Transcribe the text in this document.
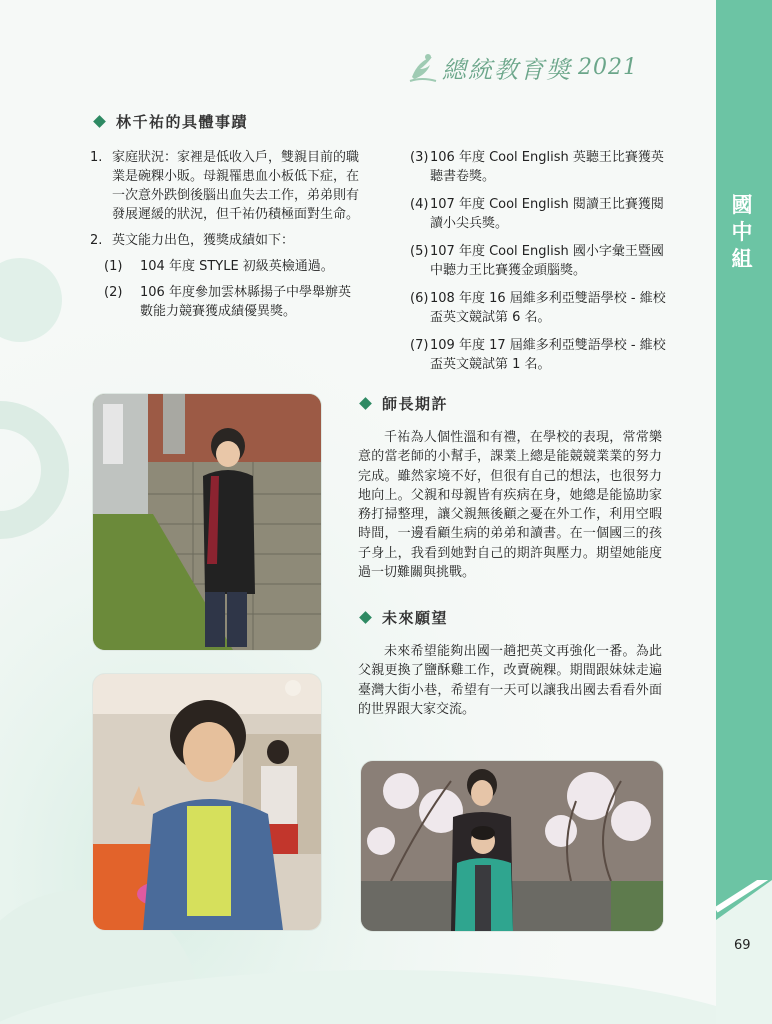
國
中
組
69
總統教育獎 2021
林千祐的具體事蹟
1. 家庭狀況：家裡是低收入戶，雙親目前的職業是碗粿小販。母親罹患血小板低下症，在一次意外跌倒後腦出血失去工作，弟弟則有發展遲緩的狀況，但千祐仍積極面對生命。
2. 英文能力出色，獲獎成績如下：
(1) 104 年度 STYLE 初級英檢通過。
(2) 106 年度參加雲林縣揚子中學舉辦英數能力競賽獲成績優異獎。
(3) 106 年度 Cool English 英聽王比賽獲英聽書卷獎。
(4) 107 年度 Cool English 閱讀王比賽獲閱讀小尖兵獎。
(5) 107 年度 Cool English 國小字彙王暨國中聽力王比賽獲金頭腦獎。
(6) 108 年度 16 屆維多利亞雙語學校 - 維校盃英文競試第 6 名。
(7) 109 年度 17 屆維多利亞雙語學校 - 維校盃英文競試第 1 名。
師長期許
千祐為人個性溫和有禮，在學校的表現，常常樂意的當老師的小幫手，課業上總是能競競業業的努力完成。雖然家境不好，但很有自己的想法，也很努力地向上。父親和母親皆有疾病在身，她總是能協助家務打掃整理，讓父親無後顧之憂在外工作，利用空暇時間，一邊看顧生病的弟弟和讀書。在一個國三的孩子身上，我看到她對自己的期許與壓力。期望她能度過一切難關與挑戰。
未來願望
未來希望能夠出國一趟把英文再強化一番。為此父親更換了鹽酥雞工作，改賣碗粿。期間跟妹妹走遍臺灣大街小巷，希望有一天可以讓我出國去看看外面的世界跟大家交流。
